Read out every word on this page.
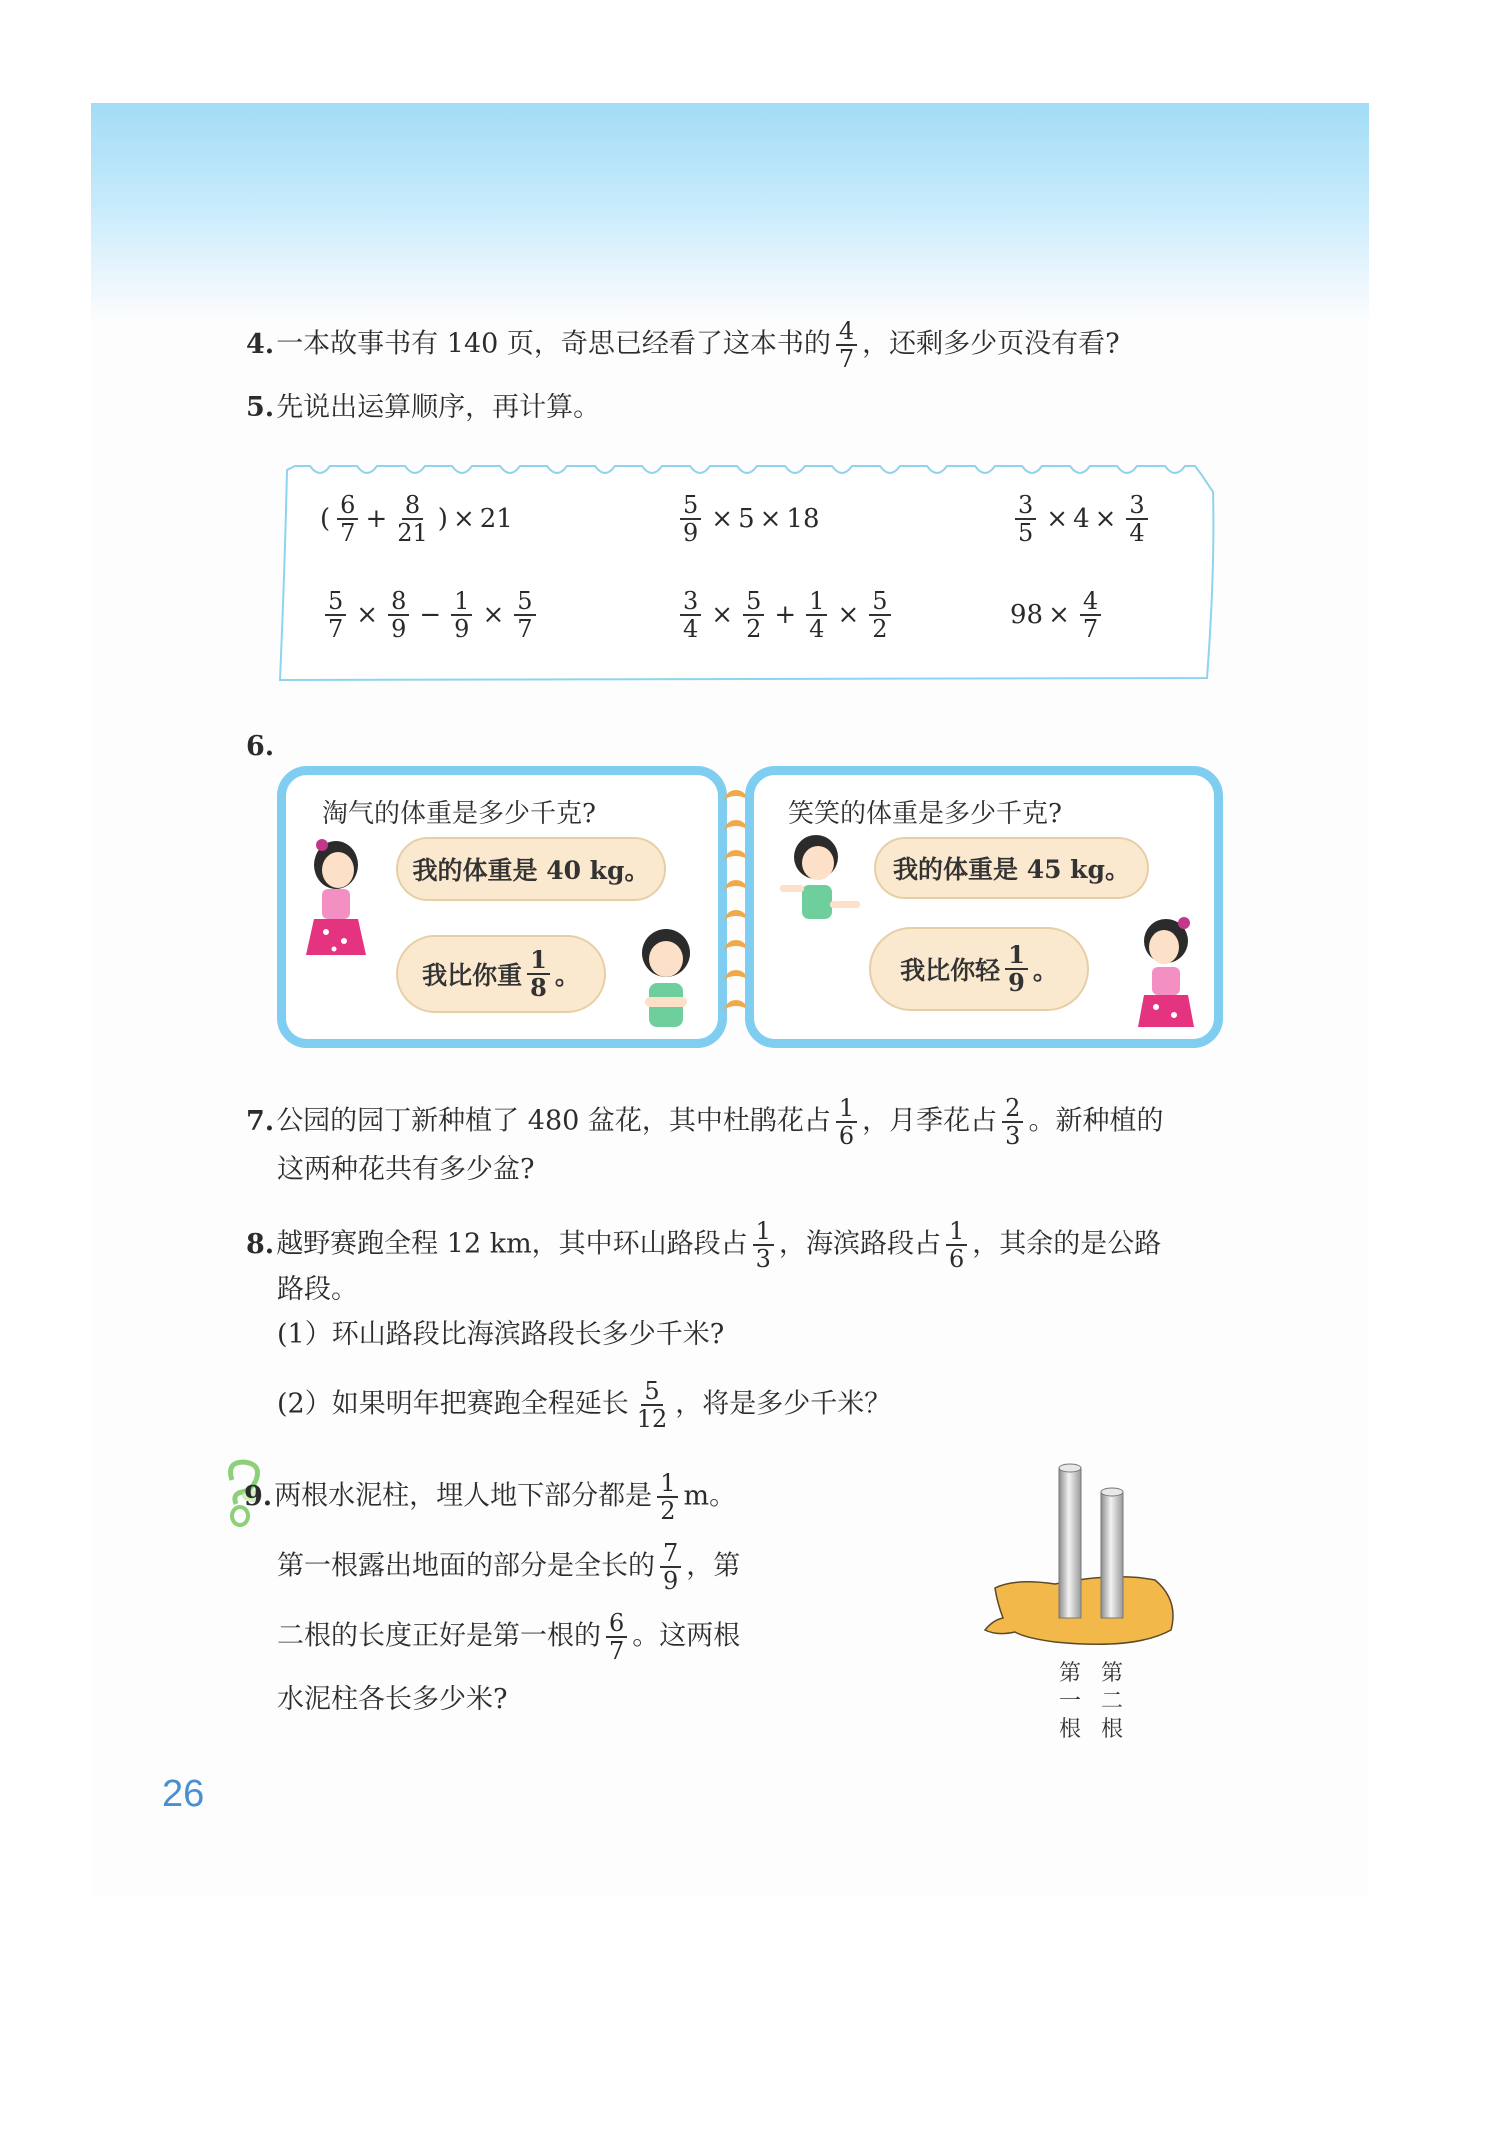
4.一本故事书有 140 页，奇思已经看了这本书的 $\frac{4}{7}$ ，还剩多少页没有看?
5.先说出运算顺序，再计算。
( $\frac{6}{7} + \frac{8}{21}$ ) × 21	$\frac{5}{9} \times 5 \times 18$	$\frac{3}{5} \times 4 \times \frac{3}{4}$
$\frac{5}{7} \times \frac{8}{9} - \frac{1}{9} \times \frac{5}{7}$	$\frac{3}{4} \times \frac{5}{2} + \frac{1}{4} \times \frac{5}{2}$	$98 \times \frac{4}{7}$
6.
淘气的体重是多少千克?
我的体重是 40 kg。
我比你重 $\frac{1}{8}$ 。
笑笑的体重是多少千克?
我的体重是 45 kg。
我比你轻 $\frac{1}{9}$ 。
7.公园的园丁新种植了 480 盆花，其中杜鹃花占 $\frac{1}{6}$ ，月季花占 $\frac{2}{3}$ 。新种植的
这两种花共有多少盆?
8.越野赛跑全程 12 km，其中环山路段占 $\frac{1}{3}$ ，海滨路段占 $\frac{1}{6}$ ，其余的是公路
路段。
(1）环山路段比海滨路段长多少千米?
(2）如果明年把赛跑全程延长 $\frac{5}{12}$ ，将是多少千米？
9.两根水泥柱，埋人地下部分都是 $\frac{1}{2}$ m。
第一根露出地面的部分是全长的 $\frac{7}{9}$ ，第
二根的长度正好是第一根的 $\frac{6}{7}$ 。这两根
水泥柱各长多少米?
第
一
根
第
二
根
26
